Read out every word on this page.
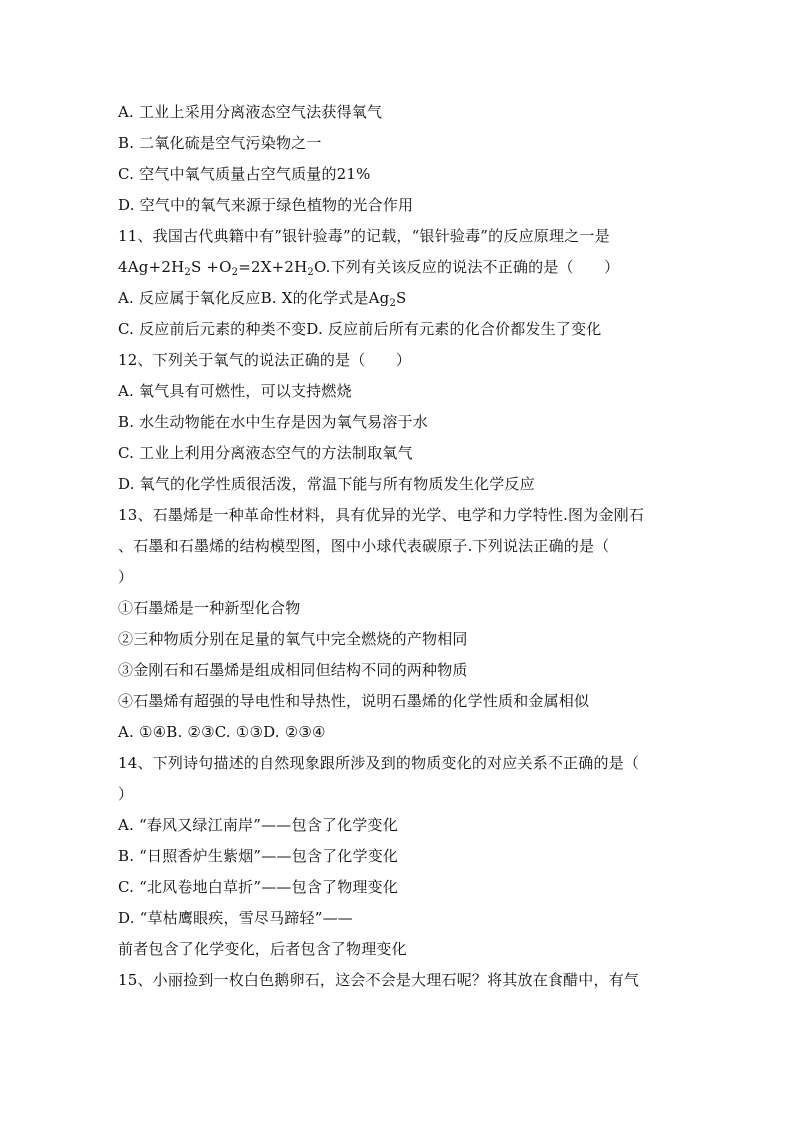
A. 工业上采用分离液态空气法获得氧气
B. 二氧化硫是空气污染物之一
C. 空气中氧气质量占空气质量的21%
D. 空气中的氧气来源于绿色植物的光合作用
11、我国古代典籍中有”银针验毒”的记载，“银针验毒”的反应原理之一是
$4Ag+2H_2S +O_2=2X+2H_2O$.下列有关该反应的说法不正确的是（　　）
A. 反应属于氧化反应B. X的化学式是$Ag_2S$
C. 反应前后元素的种类不变D. 反应前后所有元素的化合价都发生了变化
12、下列关于氧气的说法正确的是（　　）
A. 氧气具有可燃性，可以支持燃烧
B. 水生动物能在水中生存是因为氧气易溶于水
C. 工业上利用分离液态空气的方法制取氧气
D. 氧气的化学性质很活泼，常温下能与所有物质发生化学反应
13、石墨烯是一种革命性材料，具有优异的光学、电学和力学特性.图为金刚石
、石墨和石墨烯的结构模型图，图中小球代表碳原子.下列说法正确的是（
）
①石墨烯是一种新型化合物
②三种物质分别在足量的氧气中完全燃烧的产物相同
③金刚石和石墨烯是组成相同但结构不同的两种物质
④石墨烯有超强的导电性和导热性，说明石墨烯的化学性质和金属相似
A. ①④B. ②③C. ①③D. ②③④
14、下列诗句描述的自然现象跟所涉及到的物质变化的对应关系不正确的是（
）
A. “春风又绿江南岸”——包含了化学变化
B. “日照香炉生紫烟”——包含了化学变化
C. “北风卷地白草折”——包含了物理变化
D. “草枯鹰眼疾，雪尽马蹄轻”——
前者包含了化学变化，后者包含了物理变化
15、小丽捡到一枚白色鹅卵石，这会不会是大理石呢？将其放在食醋中，有气
